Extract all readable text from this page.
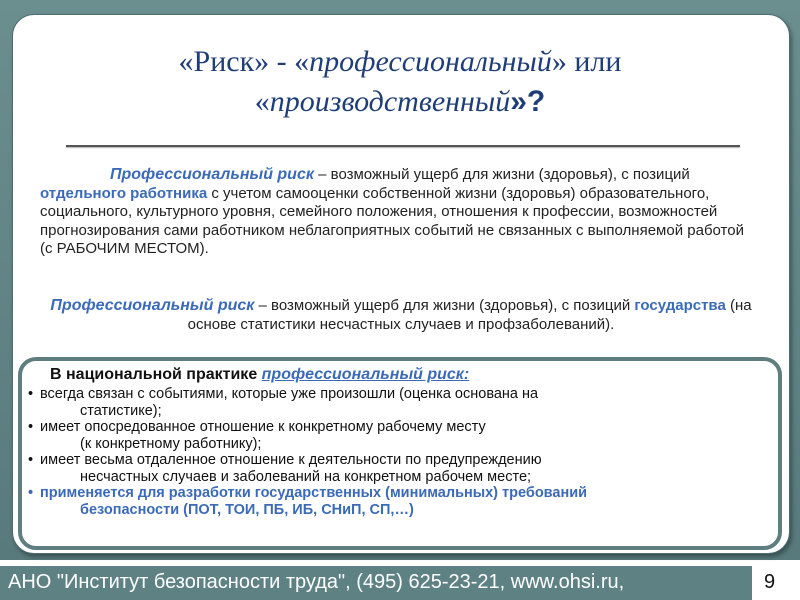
«Риск» - «профессиональный» или
«производственный»?
Профессиональный риск – возможный ущерб для жизни (здоровья), с позиций отдельного работника с учетом самооценки собственной жизни (здоровья) образовательного, социального, культурного уровня, семейного положения, отношения к профессии, возможностей прогнозирования сами работником неблагоприятных событий не связанных с выполняемой работой (с РАБОЧИМ МЕСТОМ).
Профессиональный риск – возможный ущерб для жизни (здоровья), с позиций государства (на основе статистики несчастных случаев и профзаболеваний).
В национальной практике профессиональный риск:
• всегда связан с событиями, которые уже произошли (оценка основана на
статистике);
• имеет опосредованное отношение к конкретному рабочему месту
(к конкретному работнику);
• имеет весьма отдаленное отношение к деятельности по предупреждению
несчастных случаев и заболеваний на конкретном рабочем месте;
• применяется для разработки государственных (минимальных) требований
безопасности (ПОТ, ТОИ, ПБ, ИБ, СНиП, СП,…)
АНО "Институт безопасности труда", (495) 625-23-21, www.ohsi.ru,	9
